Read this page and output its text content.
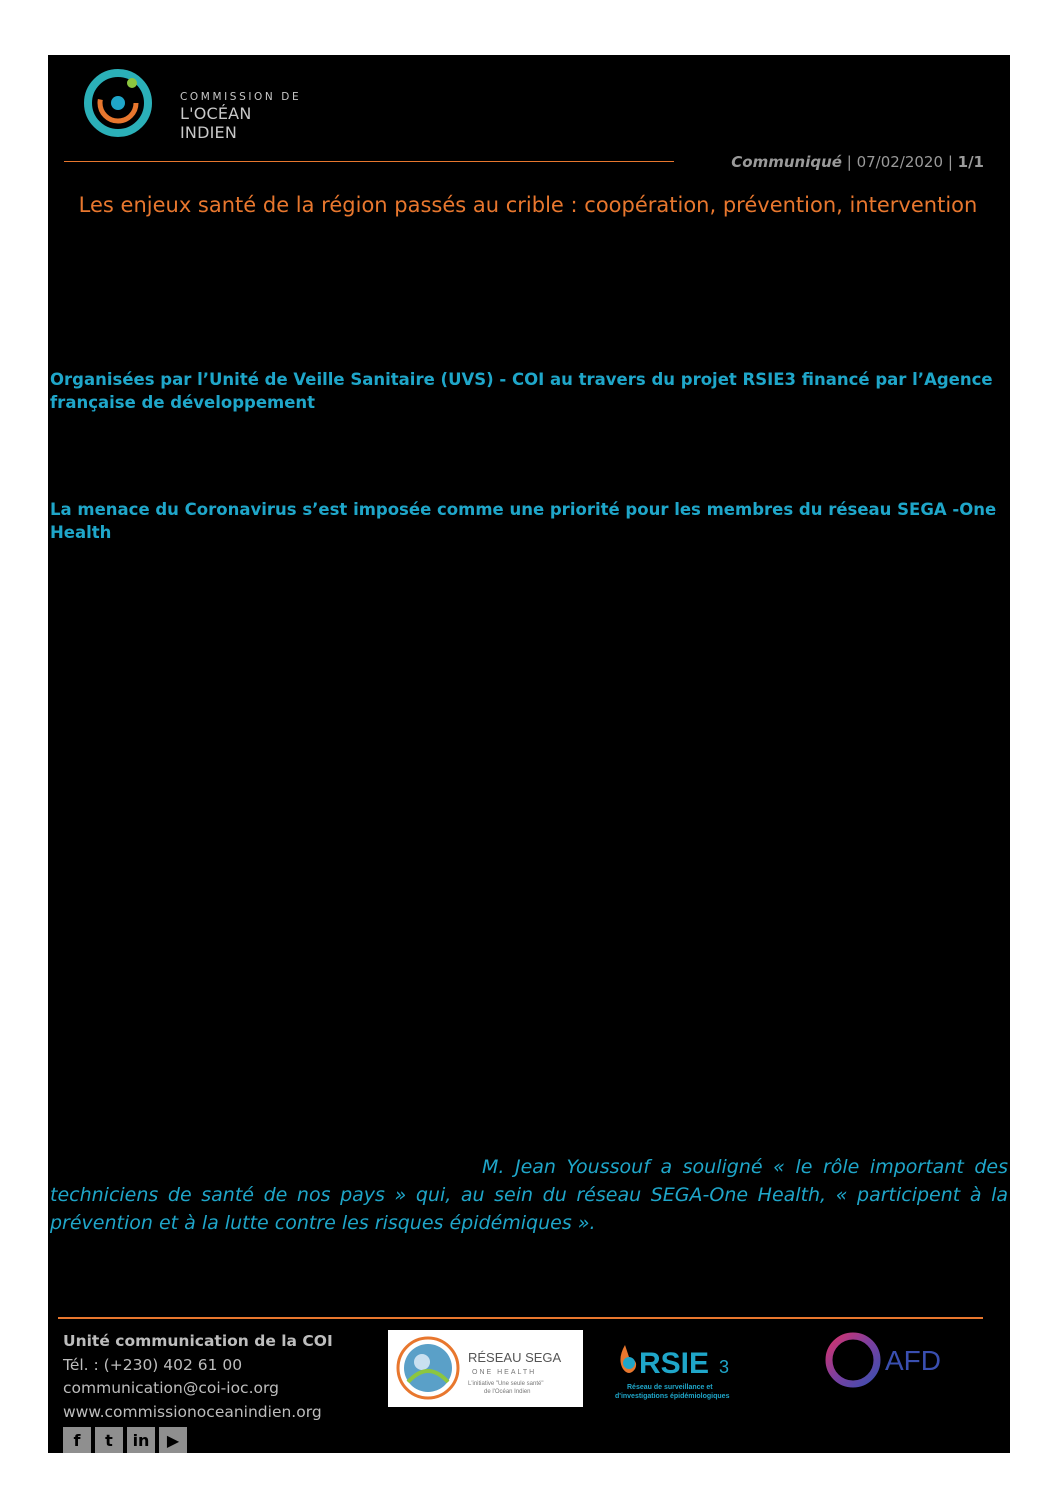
COMMISSION DE
L'OCÉAN INDIEN
Communiqué | 07/02/2020 | 1/1
Les enjeux santé de la région passés au crible : coopération, prévention, intervention
Organisées par l’Unité de Veille Sanitaire (UVS) - COI au travers du projet RSIE3 financé par l’Agence française de développement
La menace du Coronavirus s’est imposée comme une priorité pour les membres du réseau SEGA -One Health
M. Jean Youssouf a souligné « le rôle important des techniciens de santé de nos pays » qui, au sein du réseau SEGA-One Health, « participent à la prévention et à la lutte contre les risques épidémiques ».
Unité communication de la COI
Tél. : (+230) 402 61 00
communication@coi-ioc.org
www.commissionoceanindien.org
f	t	in	▶
RÉSEAU SEGA
ONE HEALTH
L'initiative "Une seule santé"
de l'Océan Indien
RSIE 3
Réseau de surveillance et
d'investigations épidémiologiques
AFD
